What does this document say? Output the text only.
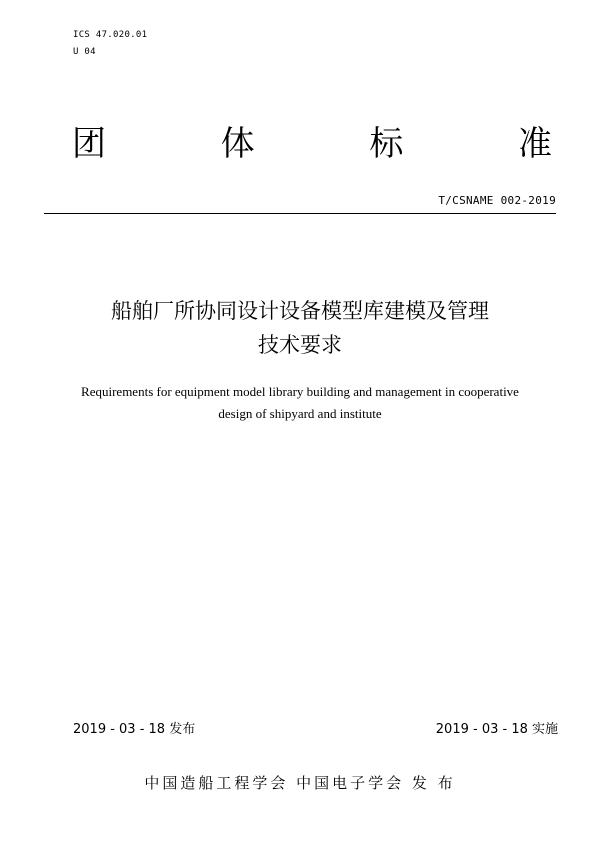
ICS 47.020.01
U 04
团	体	标	准
T/CSNAME 002-2019
船舶厂所协同设计设备模型库建模及管理
技术要求
Requirements for equipment model library building and management in cooperative
design of shipyard and institute
2019 - 03 - 18 发布	2019 - 03 - 18 实施
中国造船工程学会 中国电子学会 发 布
